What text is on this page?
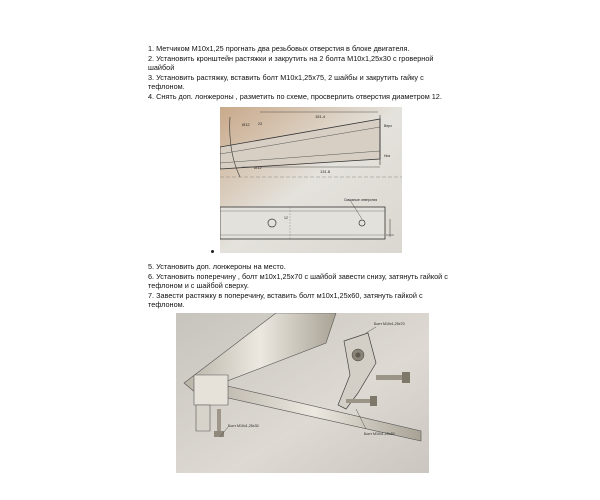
1. Метчиком М10х1,25 прогнать два резьбовых отверстия в блоке двигателя.

2. Установить кронштейн растяжки и закрутить на 2 болта М10х1,25х30 с гроверной шайбой

3. Установить растяжку, вставить болт М10х1,25х75, 2 шайбы и закрутить гайку с тефлоном.

4. Снять доп. лонжероны , разметить по схеме, просверлить отверстия диаметром 12.

151.4
Ø12
Ø12
131.8
Верх
Низ
23
Сквозные отверстия
12

5. Установить доп. лонжероны на место.

6. Установить поперечину , болт м10х1,25х70 с шайбой завести снизу, затянуть гайкой с тефлоном и с шайбой сверху.

7. Завести растяжку в поперечину, вставить болт м10х1,25х60, затянуть гайкой с тефлоном.

Болт М10х1,25х70
Болт М10х1,25х30
Болт М10х1,25х60
